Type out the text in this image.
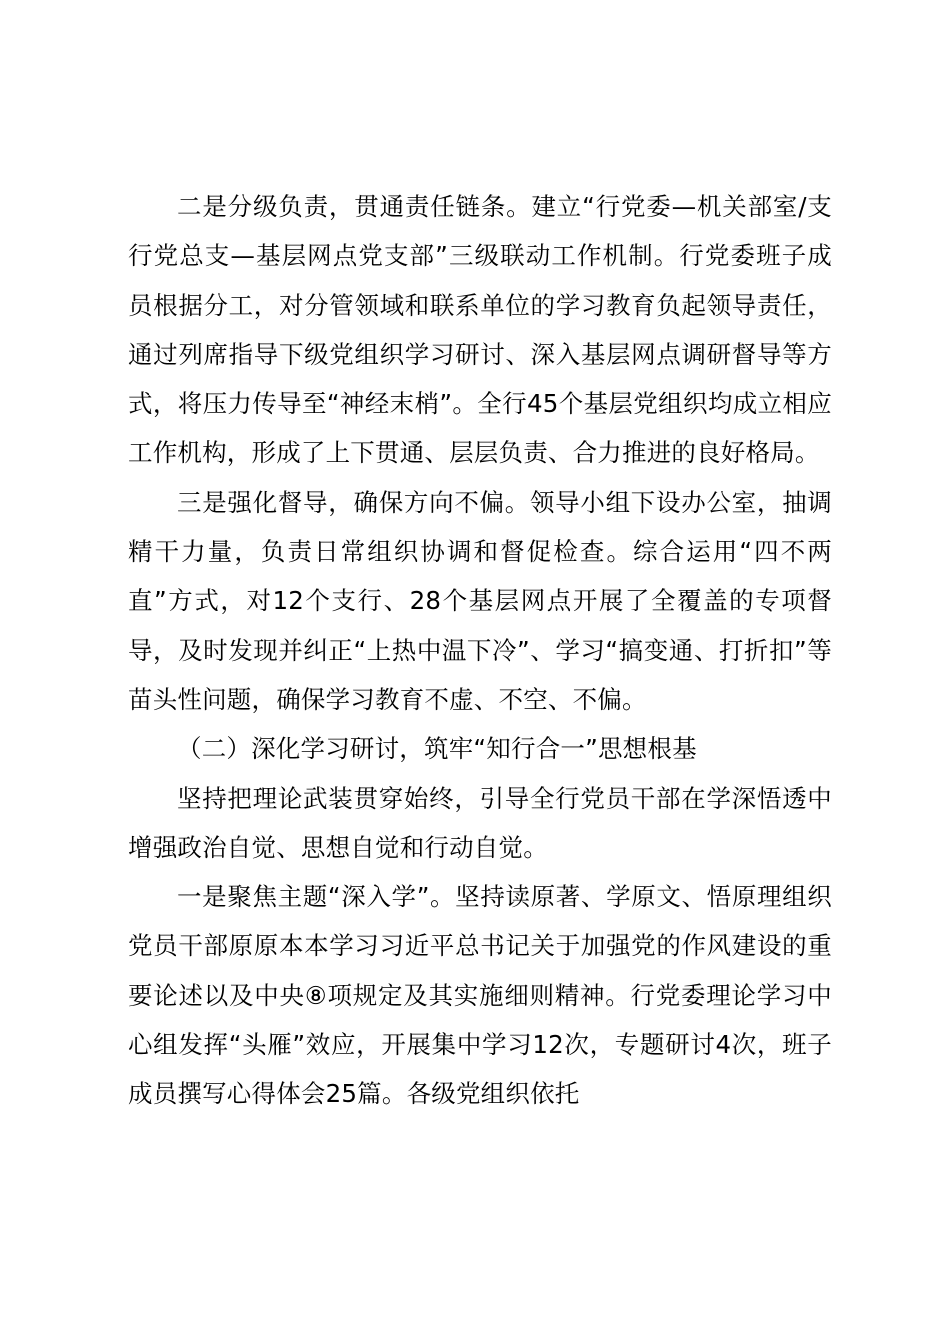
二是分级负责，贯通责任链条。建立“行党委—机关部室/支行党总支—基层网点党支部”三级联动工作机制。行党委班子成员根据分工，对分管领域和联系单位的学习教育负起领导责任，通过列席指导下级党组织学习研讨、深入基层网点调研督导等方式，将压力传导至“神经末梢”。全行45个基层党组织均成立相应工作机构，形成了上下贯通、层层负责、合力推进的良好格局。

三是强化督导，确保方向不偏。领导小组下设办公室，抽调精干力量，负责日常组织协调和督促检查。综合运用“四不两直”方式，对12个支行、28个基层网点开展了全覆盖的专项督导，及时发现并纠正“上热中温下冷”、学习“搞变通、打折扣”等苗头性问题，确保学习教育不虚、不空、不偏。

（二）深化学习研讨，筑牢“知行合一”思想根基

坚持把理论武装贯穿始终，引导全行党员干部在学深悟透中增强政治自觉、思想自觉和行动自觉。

一是聚焦主题“深入学”。坚持读原著、学原文、悟原理组织党员干部原原本本学习习近平总书记关于加强党的作风建设的重要论述以及中央⑧项规定及其实施细则精神。行党委理论学习中心组发挥“头雁”效应，开展集中学习12次，专题研讨4次，班子成员撰写心得体会25篇。各级党组织依托
